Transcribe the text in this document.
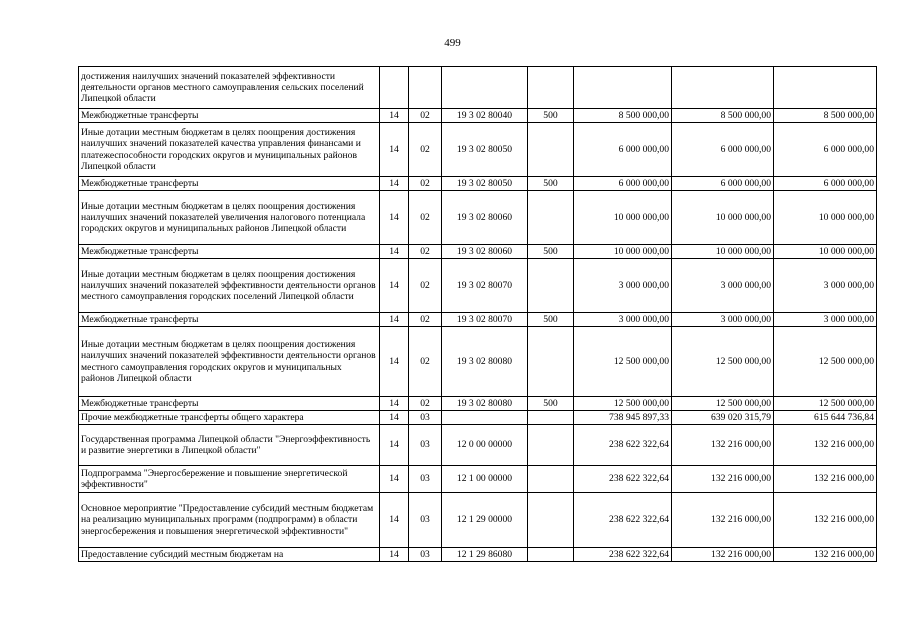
499
достижения наилучших значений показателей эффективности деятельности органов местного самоуправления сельских поселений Липецкой области							
Межбюджетные трансферты	14	02	19 3 02 80040	500	8 500 000,00	8 500 000,00	8 500 000,00
Иные дотации местным бюджетам в целях поощрения достижения наилучших значений показателей качества управления финансами и платежеспособности городских округов и муниципальных районов Липецкой области	14	02	19 3 02 80050		6 000 000,00	6 000 000,00	6 000 000,00
Межбюджетные трансферты	14	02	19 3 02 80050	500	6 000 000,00	6 000 000,00	6 000 000,00
Иные дотации местным бюджетам в целях поощрения достижения наилучших значений показателей увеличения налогового потенциала городских округов и муниципальных районов Липецкой области	14	02	19 3 02 80060		10 000 000,00	10 000 000,00	10 000 000,00
Межбюджетные трансферты	14	02	19 3 02 80060	500	10 000 000,00	10 000 000,00	10 000 000,00
Иные дотации местным бюджетам в целях поощрения достижения наилучших значений показателей эффективности деятельности органов местного самоуправления городских поселений Липецкой области	14	02	19 3 02 80070		3 000 000,00	3 000 000,00	3 000 000,00
Межбюджетные трансферты	14	02	19 3 02 80070	500	3 000 000,00	3 000 000,00	3 000 000,00
Иные дотации местным бюджетам в целях поощрения достижения наилучших значений показателей эффективности деятельности органов местного самоуправления городских округов и муниципальных районов Липецкой области	14	02	19 3 02 80080		12 500 000,00	12 500 000,00	12 500 000,00
Межбюджетные трансферты	14	02	19 3 02 80080	500	12 500 000,00	12 500 000,00	12 500 000,00
Прочие межбюджетные трансферты общего характера	14	03			738 945 897,33	639 020 315,79	615 644 736,84
Государственная программа Липецкой области "Энергоэффективность и развитие энергетики в Липецкой области"	14	03	12 0 00 00000		238 622 322,64	132 216 000,00	132 216 000,00
Подпрограмма "Энергосбережение и повышение энергетической эффективности"	14	03	12 1 00 00000		238 622 322,64	132 216 000,00	132 216 000,00
Основное мероприятие "Предоставление субсидий местным бюджетам на реализацию муниципальных программ (подпрограмм) в области энергосбережения и повышения энергетической эффективности"	14	03	12 1 29 00000		238 622 322,64	132 216 000,00	132 216 000,00
Предоставление субсидий местным бюджетам на	14	03	12 1 29 86080		238 622 322,64	132 216 000,00	132 216 000,00
